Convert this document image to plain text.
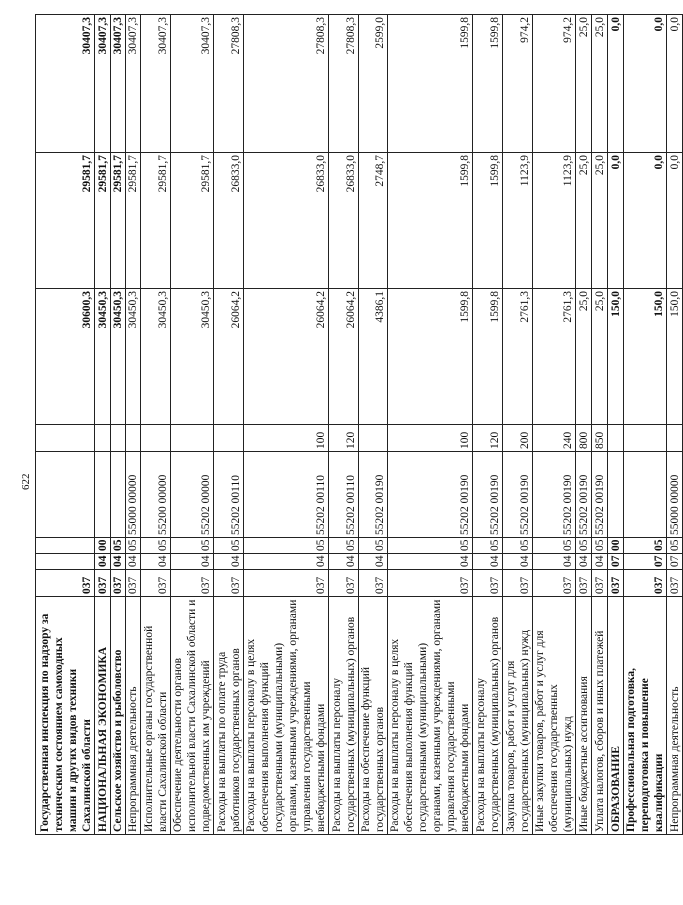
622
Государственная инспекция по надзору за техническим состоянием самоходных машин и других видов техники Сахалинской области	037					30600,3	29581,7	30407,3
НАЦИОНАЛЬНАЯ ЭКОНОМИКА	037	04	00			30450,3	29581,7	30407,3
Сельское хозяйство и рыболовство	037	04	05			30450,3	29581,7	30407,3
Непрограммная деятельность	037	04	05	55000 00000		30450,3	29581,7	30407,3
Исполнительные органы государственной власти Сахалинской области	037	04	05	55200 00000		30450,3	29581,7	30407,3
Обеспечение деятельности органов исполнительной власти Сахалинской области и подведомственных им учреждений	037	04	05	55202 00000		30450,3	29581,7	30407,3
Расходы на выплаты по оплате труда работников государственных органов	037	04	05	55202 00110		26064,2	26833,0	27808,3
Расходы на выплаты персоналу в целях обеспечения выполнения функций государственными (муниципальными) органами, казенными учреждениями, органами управления государственными внебюджетными фондами	037	04	05	55202 00110	100	26064,2	26833,0	27808,3
Расходы на выплаты персоналу государственных (муниципальных) органов	037	04	05	55202 00110	120	26064,2	26833,0	27808,3
Расходы на обеспечение функций государственных органов	037	04	05	55202 00190		4386,1	2748,7	2599,0
Расходы на выплаты персоналу в целях обеспечения выполнения функций государственными (муниципальными) органами, казенными учреждениями, органами управления государственными внебюджетными фондами	037	04	05	55202 00190	100	1599,8	1599,8	1599,8
Расходы на выплаты персоналу государственных (муниципальных) органов	037	04	05	55202 00190	120	1599,8	1599,8	1599,8
Закупка товаров, работ и услуг для государственных (муниципальных) нужд	037	04	05	55202 00190	200	2761,3	1123,9	974,2
Иные закупки товаров, работ и услуг для обеспечения государственных (муниципальных) нужд	037	04	05	55202 00190	240	2761,3	1123,9	974,2
Иные бюджетные ассигнования	037	04	05	55202 00190	800	25,0	25,0	25,0
Уплата налогов, сборов и иных платежей	037	04	05	55202 00190	850	25,0	25,0	25,0
ОБРАЗОВАНИЕ	037	07	00			150,0	0,0	0,0
Профессиональная подготовка, переподготовка и повышение квалификации	037	07	05			150,0	0,0	0,0
Непрограммная деятельность	037	07	05	55000 00000		150,0	0,0	0,0
